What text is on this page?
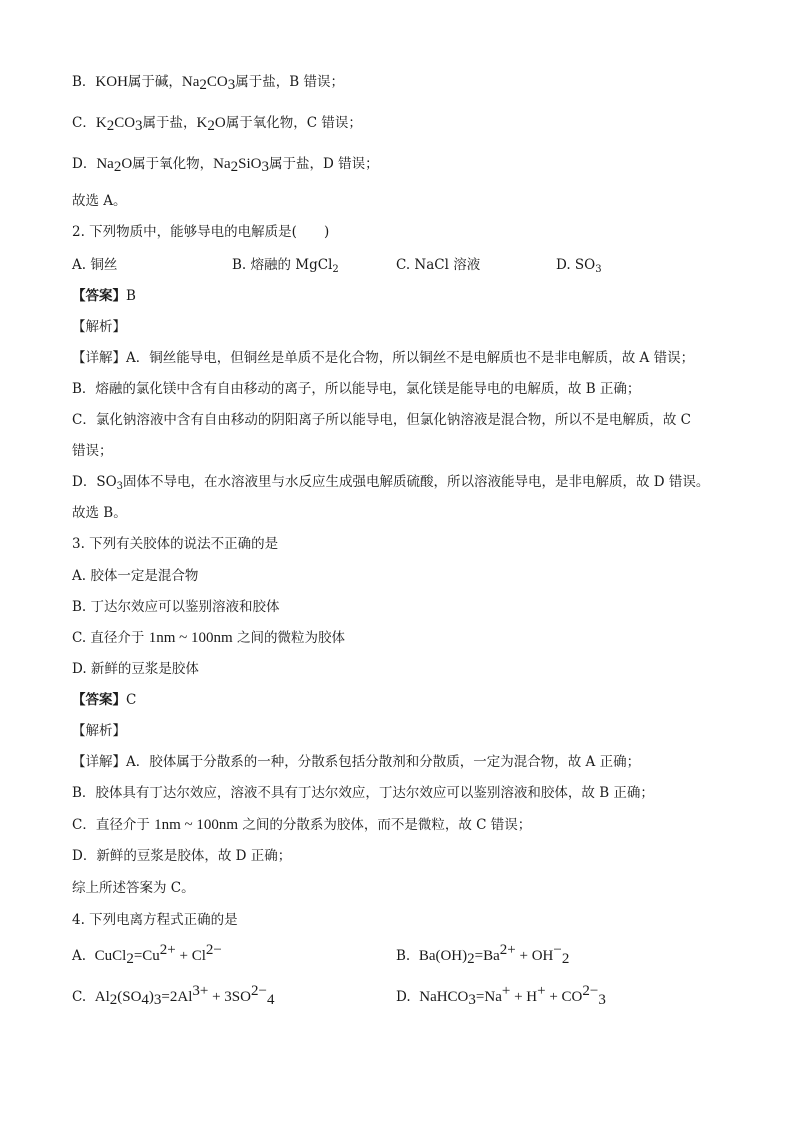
B．KOH属于碱，$Na_2CO_3$属于盐，B 错误；
C．$K_2CO_3$属于盐，$K_2O$属于氧化物，C 错误；
D．$Na_2O$属于氧化物，$Na_2SiO_3$属于盐，D 错误；
故选 A。
2. 下列物质中，能够导电的电解质是(　　)
A. 铜丝	B. 熔融的 MgCl$_2$	C. NaCl 溶液	D. $SO_3$
【答案】B
【解析】
【详解】A．铜丝能导电，但铜丝是单质不是化合物，所以铜丝不是电解质也不是非电解质，故 A 错误；
B．熔融的氯化镁中含有自由移动的离子，所以能导电，氯化镁是能导电的电解质，故 B 正确；
C．氯化钠溶液中含有自由移动的阴阳离子所以能导电，但氯化钠溶液是混合物，所以不是电解质，故 C
错误；
D．$SO_3$固体不导电，在水溶液里与水反应生成强电解质硫酸，所以溶液能导电，是非电解质，故 D 错误。
故选 B。
3. 下列有关胶体的说法不正确的是
A. 胶体一定是混合物
B. 丁达尔效应可以鉴别溶液和胶体
C. 直径介于 1nm ~ 100nm 之间的微粒为胶体
D. 新鲜的豆浆是胶体
【答案】C
【解析】
【详解】A．胶体属于分散系的一种，分散系包括分散剂和分散质，一定为混合物，故 A 正确；
B．胶体具有丁达尔效应，溶液不具有丁达尔效应，丁达尔效应可以鉴别溶液和胶体，故 B 正确；
C．直径介于 1nm ~ 100nm 之间的分散系为胶体，而不是微粒，故 C 错误；
D．新鲜的豆浆是胶体，故 D 正确；
综上所述答案为 C。
4. 下列电离方程式正确的是
A. $CuCl_2=Cu^{2+} + Cl^{2-}$	B. $Ba(OH)_2=Ba^{2+} + OH^-_2$
C. $Al_2(SO_4)_3=2Al^{3+} + 3SO^{2-}_4$	D. NaHCO$_3$=Na+ + $H^+ + CO^{2-}_3$
